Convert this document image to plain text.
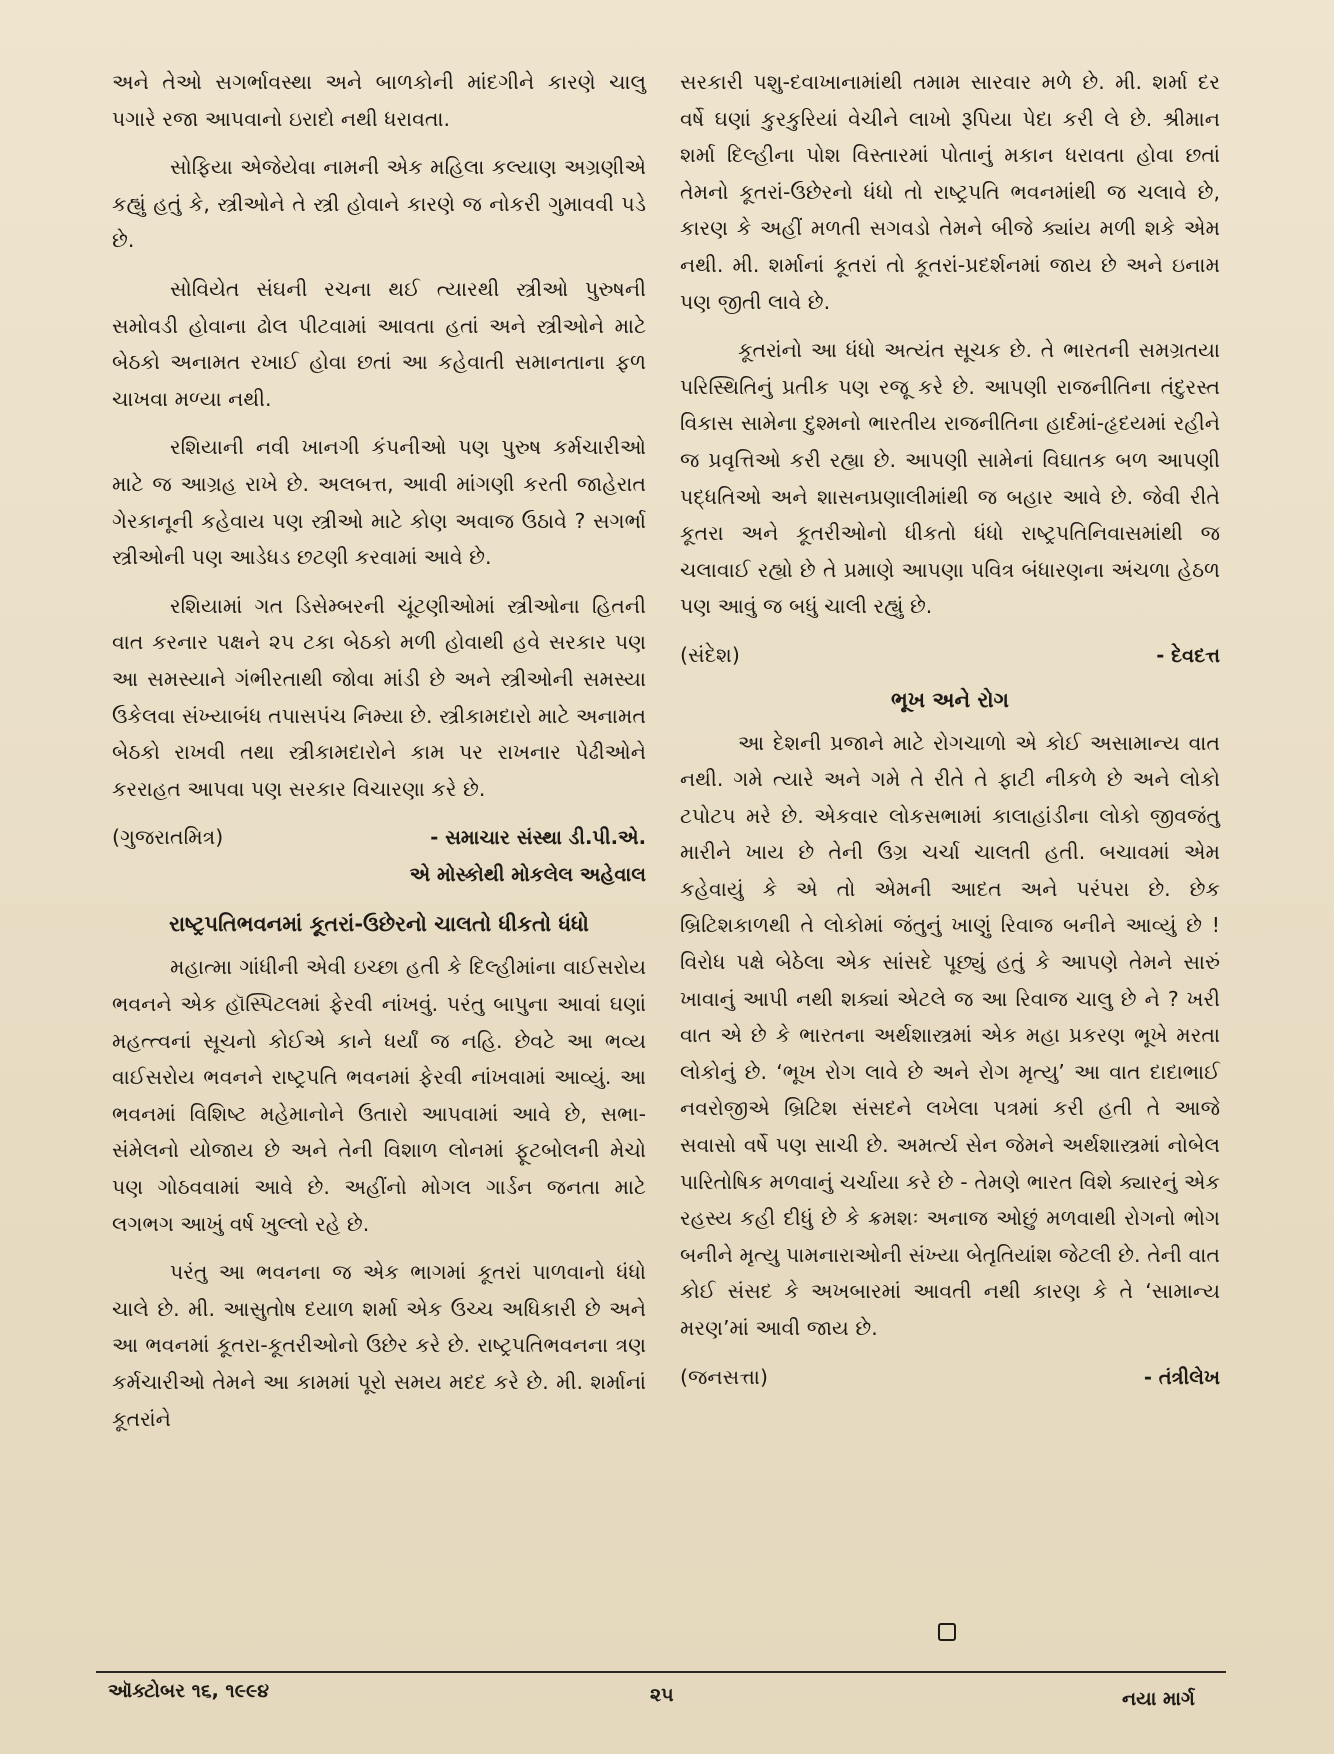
અને તેઓ સગર્ભાવસ્થા અને બાળકોની માંદગીને કારણે ચાલુ પગારે રજા આપવાનો ઇરાદો નથી ધરાવતા.

સોફિયા એજેયેવા નામની એક મહિલા કલ્યાણ અગ્રણીએ કહ્યું હતું કે, સ્ત્રીઓને તે સ્ત્રી હોવાને કારણે જ નોકરી ગુમાવવી પડે છે.

સોવિયેત સંઘની રચના થઈ ત્યારથી સ્ત્રીઓ પુરુષની સમોવડી હોવાના ઢોલ પીટવામાં આવતા હતાં અને સ્ત્રીઓને માટે બેઠકો અનામત રખાઈ હોવા છતાં આ કહેવાતી સમાનતાના ફળ ચાખવા મળ્યા નથી.

રશિયાની નવી ખાનગી કંપનીઓ પણ પુરુષ કર્મચારીઓ માટે જ આગ્રહ રાખે છે. અલબત્ત, આવી માંગણી કરતી જાહેરાત ગેરકાનૂની કહેવાય પણ સ્ત્રીઓ માટે કોણ અવાજ ઉઠાવે ? સગર્ભા સ્ત્રીઓની પણ આડેધડ છટણી કરવામાં આવે છે.

રશિયામાં ગત ડિસેમ્બરની ચૂંટણીઓમાં સ્ત્રીઓના હિતની વાત કરનાર પક્ષને ૨૫ ટકા બેઠકો મળી હોવાથી હવે સરકાર પણ આ સમસ્યાને ગંભીરતાથી જોવા માંડી છે અને સ્ત્રીઓની સમસ્યા ઉકેલવા સંખ્યાબંધ તપાસપંચ નિમ્યા છે. સ્ત્રીકામદારો માટે અનામત બેઠકો રાખવી તથા સ્ત્રીકામદારોને કામ પર રાખનાર પેઢીઓને કરરાહત આપવા પણ સરકાર વિચારણા કરે છે.

(ગુજરાતમિત્ર)	- સમાચાર સંસ્થા ડી.પી.એ.
એ મોસ્કોથી મોકલેલ અહેવાલ
રાષ્ટ્રપતિભવનમાં કૂતરાં-ઉછેરનો ચાલતો ધીકતો ધંધો

મહાત્મા ગાંધીની એવી ઇચ્છા હતી કે દિલ્હીમાંના વાઈસરોય ભવનને એક હૉસ્પિટલમાં ફેરવી નાંખવું. પરંતુ બાપુના આવાં ઘણાં મહત્ત્વનાં સૂચનો કોઈએ કાને ધર્યાં જ નહિ. છેવટે આ ભવ્ય વાઈસરોય ભવનને રાષ્ટ્રપતિ ભવનમાં ફેરવી નાંખવામાં આવ્યું. આ ભવનમાં વિશિષ્ટ મહેમાનોને ઉતારો આપવામાં આવે છે, સભા-સંમેલનો યોજાય છે અને તેની વિશાળ લોનમાં ફૂટબોલની મેચો પણ ગોઠવવામાં આવે છે. અહીંનો મોગલ ગાર્ડન જનતા માટે લગભગ આખું વર્ષ ખુલ્લો રહે છે.

પરંતુ આ ભવનના જ એક ભાગમાં કૂતરાં પાળવાનો ધંધો ચાલે છે. મી. આસુતોષ દયાળ શર્મા એક ઉચ્ચ અધિકારી છે અને આ ભવનમાં કૂતરા-કૂતરીઓનો ઉછેર કરે છે. રાષ્ટ્રપતિભવનના ત્રણ કર્મચારીઓ તેમને આ કામમાં પૂરો સમય મદદ કરે છે. મી. શર્માનાં કૂતરાંને

સરકારી પશુ-દવાખાનામાંથી તમામ સારવાર મળે છે. મી. શર્મા દર વર્ષે ઘણાં કુરકુરિયાં વેચીને લાખો રૂપિયા પેદા કરી લે છે. શ્રીમાન શર્મા દિલ્હીના પોશ વિસ્તારમાં પોતાનું મકાન ધરાવતા હોવા છતાં તેમનો કૂતરાં-ઉછેરનો ધંધો તો રાષ્ટ્રપતિ ભવનમાંથી જ ચલાવે છે, કારણ કે અહીં મળતી સગવડો તેમને બીજે ક્યાંય મળી શકે એમ નથી. મી. શર્માનાં કૂતરાં તો કૂતરાં-પ્રદર્શનમાં જાય છે અને ઇનામ પણ જીતી લાવે છે.

કૂતરાંનો આ ધંધો અત્યંત સૂચક છે. તે ભારતની સમગ્રતયા પરિસ્થિતિનું પ્રતીક પણ રજૂ કરે છે. આપણી રાજનીતિના તંદુરસ્ત વિકાસ સામેના દુશ્મનો ભારતીય રાજનીતિના હાર્દમાં-હૃદયમાં રહીને જ પ્રવૃત્તિઓ કરી રહ્યા છે. આપણી સામેનાં વિઘાતક બળ આપણી પદ્ધતિઓ અને શાસનપ્રણાલીમાંથી જ બહાર આવે છે. જેવી રીતે કૂતરા અને કૂતરીઓનો ધીકતો ધંધો રાષ્ટ્રપતિનિવાસમાંથી જ ચલાવાઈ રહ્યો છે તે પ્રમાણે આપણા પવિત્ર બંધારણના અંચળા હેઠળ પણ આવું જ બધું ચાલી રહ્યું છે.

(સંદેશ)	- દેવદત્ત
ભૂખ અને રોગ

આ દેશની પ્રજાને માટે રોગચાળો એ કોઈ અસામાન્ય વાત નથી. ગમે ત્યારે અને ગમે તે રીતે તે ફાટી નીકળે છે અને લોકો ટપોટપ મરે છે. એકવાર લોકસભામાં કાલાહાંડીના લોકો જીવજંતુ મારીને ખાય છે તેની ઉગ્ર ચર્ચા ચાલતી હતી. બચાવમાં એમ કહેવાયું કે એ તો એમની આદત અને પરંપરા છે. છેક બ્રિટિશકાળથી તે લોકોમાં જંતુનું ખાણું રિવાજ બનીને આવ્યું છે ! વિરોધ પક્ષે બેઠેલા એક સાંસદે પૂછ્યું હતું કે આપણે તેમને સારું ખાવાનું આપી નથી શક્યાં એટલે જ આ રિવાજ ચાલુ છે ને ? ખરી વાત એ છે કે ભારતના અર્થશાસ્ત્રમાં એક મહા પ્રકરણ ભૂખે મરતા લોકોનું છે. ‘ભૂખ રોગ લાવે છે અને રોગ મૃત્યુ’ આ વાત દાદાભાઈ નવરોજીએ બ્રિટિશ સંસદને લખેલા પત્રમાં કરી હતી તે આજે સવાસો વર્ષે પણ સાચી છે. અમર્ત્ય સેન જેમને અર્થશાસ્ત્રમાં નોબેલ પારિતોષિક મળવાનું ચર્ચાયા કરે છે - તેમણે ભારત વિશે ક્યારનું એક રહસ્ય કહી દીધું છે કે ક્રમશઃ અનાજ ઓછું મળવાથી રોગનો ભોગ બનીને મૃત્યુ પામનારાઓની સંખ્યા બેતૃતિયાંશ જેટલી છે. તેની વાત કોઈ સંસદ કે અખબારમાં આવતી નથી કારણ કે તે ‘સામાન્ય મરણ’માં આવી જાય છે.

(જનસત્તા)	- તંત્રીલેખ
ઑક્ટોબર ૧૬, ૧૯૯૪	૨૫	નયા માર્ગ
